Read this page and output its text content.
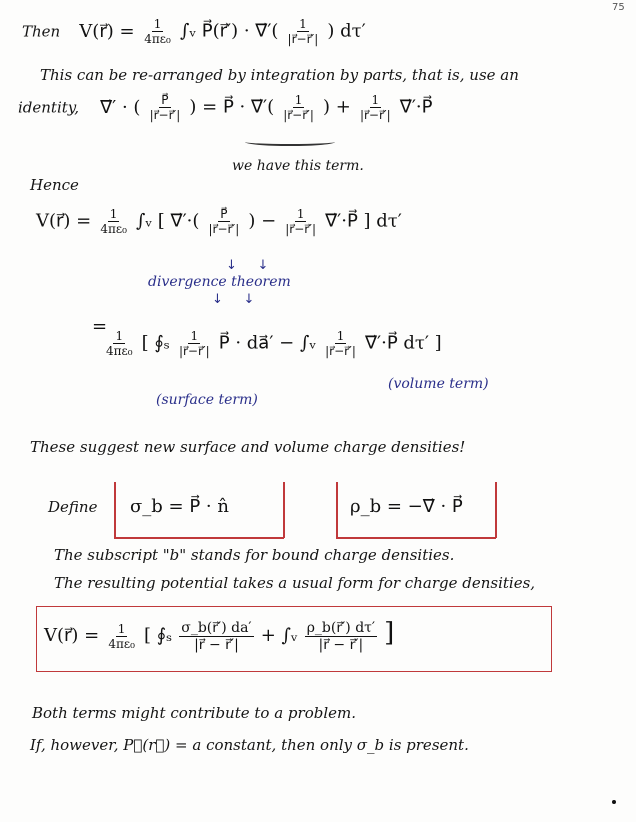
75
Then V(r⃗) = $\frac{1}{\text{4πε₀}}$ ∫ᵥ P⃗(r⃗′) · ∇⃗′( $\frac{1}{|r⃗-r⃗'|}$ ) dτ′
This can be re-arranged by integration by parts, that is, use an
identity, ∇⃗′ · ( $\frac{P⃗}{|r⃗-r⃗'|}$ ) = P⃗ · ∇⃗′( $\frac{1}{|r⃗-r⃗'|}$ ) + $\frac{1}{|r⃗-r⃗'|}$ ∇⃗′·P⃗
we have this term.
Hence
V(r⃗) = $\frac{1}{\text{4πε₀}}$ ∫ᵥ [ ∇⃗′·( $\frac{P⃗}{|r⃗-r⃗'|}$ ) − $\frac{1}{|r⃗-r⃗'|}$ ∇⃗′·P⃗ ] dτ′
↓     ↓
divergence theorem
↓     ↓
=
$\frac{1}{\text{4πε₀}}$ [ ∮ₛ $\frac{1}{|r⃗-r⃗'|}$ P⃗ · da⃗′ − ∫ᵥ $\frac{1}{|r⃗-r⃗'|}$ ∇⃗′·P⃗ dτ′ ]
(surface term)
(volume term)
These suggest new surface and volume charge densities!
Define σ_b = P⃗ · n̂	ρ_b = −∇⃗ · P⃗
The subscript "b" stands for bound charge densities.
The resulting potential takes a usual form for charge densities,
V(r⃗) = $\frac{1}{\text{4πε₀}}$ [ ∮ₛ $\frac{\sigma\_b(r⃗') da'}{|r⃗ - r⃗'|}$ + ∫ᵥ $\frac{\rho\_b(r⃗') d\tau'}{|r⃗ - r⃗'|}$ ]
Both terms might contribute to a problem.
If, however, P⃗(r⃗) = a constant, then only σ_b is present.
